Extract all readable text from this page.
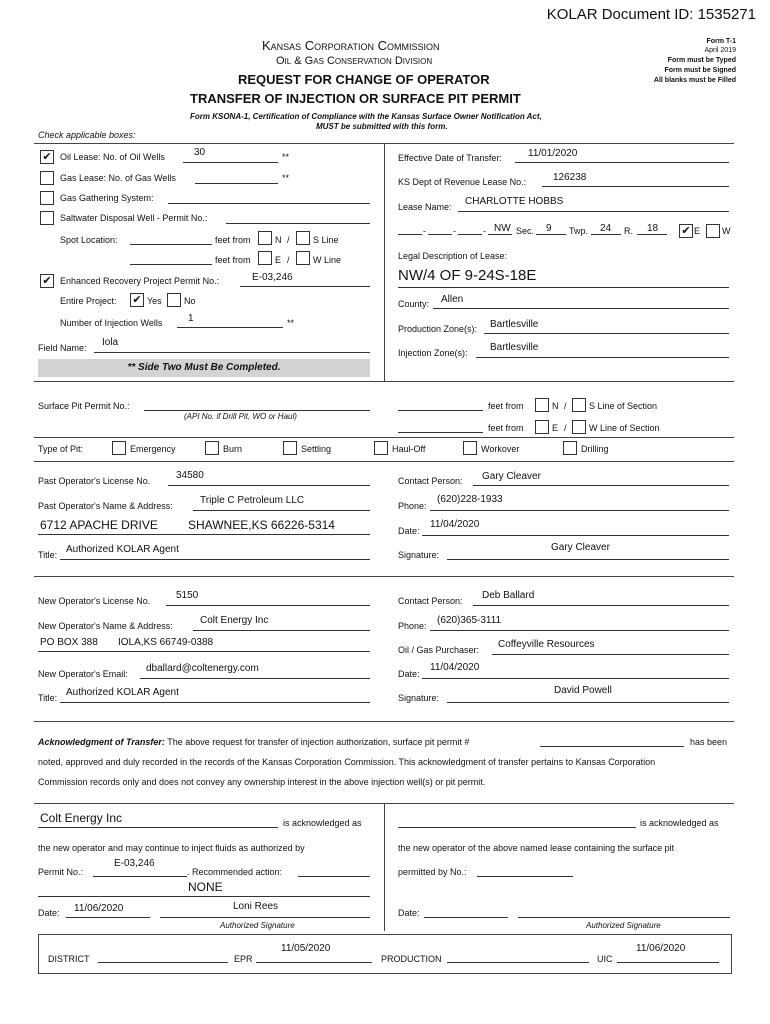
KOLAR Document ID: 1535271
Kansas Corporation Commission
Oil & Gas Conservation Division
REQUEST FOR CHANGE OF OPERATOR
TRANSFER OF INJECTION OR SURFACE PIT PERMIT
Form T-1
April 2019
Form must be Typed
Form must be Signed
All blanks must be Filled
Form KSONA-1, Certification of Compliance with the Kansas Surface Owner Notification Act,
MUST be submitted with this form.
Check applicable boxes:
✔ Oil Lease: No. of Oil Wells	30	**
Gas Lease: No. of Gas Wells	**
Gas Gathering System:
Saltwater Disposal Well - Permit No.:
Spot Location:	feet from	N /	S Line
feet from	E /	W Line
✔ Enhanced Recovery Project Permit No.:	E-03,246
Entire Project: ✔ Yes No
Number of Injection Wells	1	**
Field Name: Iola
** Side Two Must Be Completed.
Effective Date of Transfer:	11/01/2020
KS Dept of Revenue Lease No.:	126238
Lease Name: CHARLOTTE HOBBS
-	-	- NW Sec. 9 Twp. 24 R. 18 ✔ E W
Legal Description of Lease:
NW/4 OF 9-24S-18E
County: Allen
Production Zone(s): Bartlesville
Injection Zone(s): Bartlesville
Surface Pit Permit No.:
(API No. if Drill Pit, WO or Haul)
feet from	N / S Line of Section
feet from	E / W Line of Section
Type of Pit:	Emergency	Burn	Settling	Haul-Off	Workover	Drilling
Past Operator's License No.	34580
Past Operator's Name & Address:	Triple C Petroleum LLC
6712 APACHE DRIVE	SHAWNEE,KS 66226-5314
Title: Authorized KOLAR Agent
Contact Person: Gary Cleaver
Phone:
(620)228-1933
Date:
11/04/2020
Signature:
Gary Cleaver
New Operator's License No.	5150
New Operator's Name & Address:	Colt Energy Inc
PO BOX 388 IOLA,KS 66749-0388
New Operator's Email: dballard@coltenergy.com
Title: Authorized KOLAR Agent
Contact Person: Deb Ballard
Phone: (620)365-3111
Oil / Gas Purchaser: Coffeyville Resources
Date:
11/04/2020
Signature:
David Powell
Acknowledgment of Transfer: The above request for transfer of injection authorization, surface pit permit #	has been
noted, approved and duly recorded in the records of the Kansas Corporation Commission. This acknowledgment of transfer pertains to Kansas Corporation
Commission records only and does not convey any ownership interest in the above injection well(s) or pit permit.
Colt Energy Inc	is acknowledged as
the new operator and may continue to inject fluids as authorized by
Permit No.:
E-03,246
. Recommended action:
NONE
Date: 11/06/2020	Loni Rees
Authorized Signature
is acknowledged as
the new operator of the above named lease containing the surface pit
permitted by No.:
Date:
Authorized Signature
DISTRICT	EPR
11/05/2020
PRODUCTION	UIC
11/06/2020
